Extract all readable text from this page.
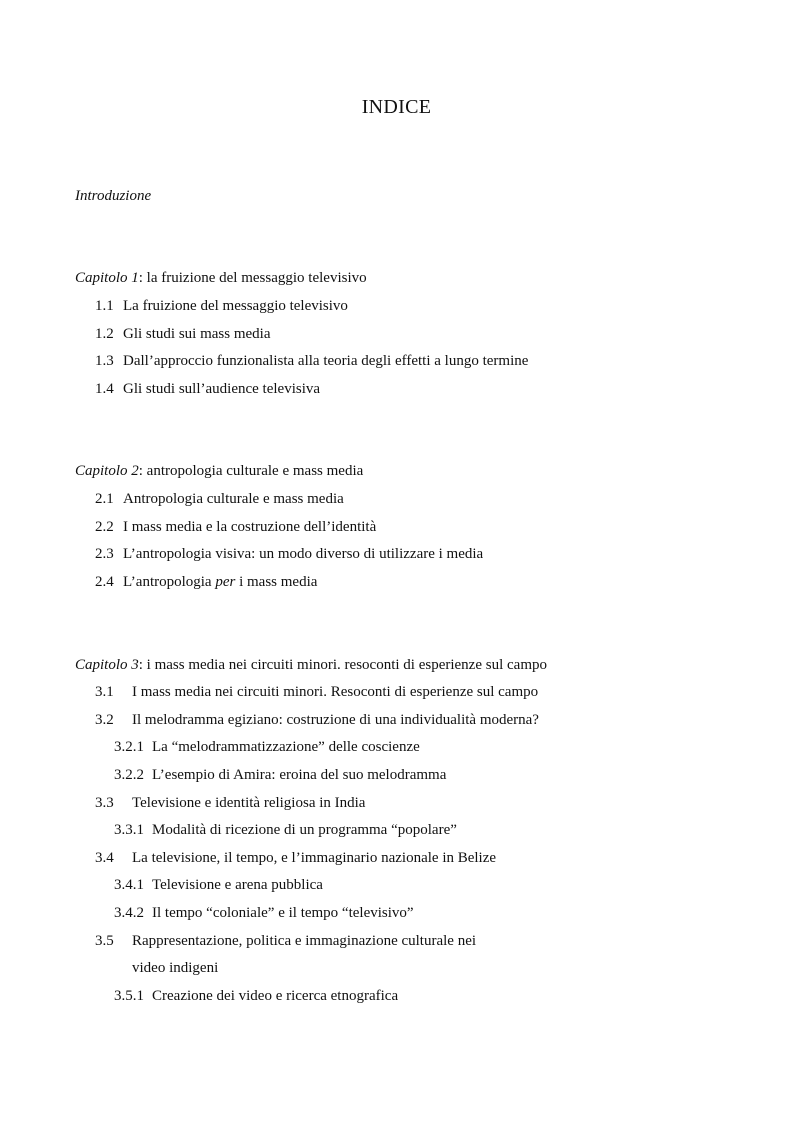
INDICE
Introduzione
Capitolo 1: la fruizione del messaggio televisivo
1.1 La fruizione del messaggio televisivo
1.2 Gli studi sui mass media
1.3 Dall’approccio funzionalista alla teoria degli effetti a lungo termine
1.4 Gli studi sull’audience televisiva
Capitolo 2: antropologia culturale e mass media
2.1 Antropologia culturale e mass media
2.2 I mass media e la costruzione dell’identità
2.3 L’antropologia visiva: un modo diverso di utilizzare i media
2.4 L’antropologia per i mass media
Capitolo 3: i mass media nei circuiti minori. resoconti di esperienze sul campo
3.1 I mass media nei circuiti minori. Resoconti di esperienze sul campo
3.2 Il melodramma egiziano: costruzione di una individualità moderna?
3.2.1 La “melodrammatizzazione” delle coscienze
3.2.2 L’esempio di Amira: eroina del suo melodramma
3.3 Televisione e identità religiosa in India
3.3.1 Modalità di ricezione di un programma “popolare”
3.4 La televisione, il tempo, e l’immaginario nazionale in Belize
3.4.1 Televisione e arena pubblica
3.4.2 Il tempo “coloniale” e il tempo “televisivo”
3.5 Rappresentazione, politica e immaginazione culturale nei
video indigeni
3.5.1 Creazione dei video e ricerca etnografica
